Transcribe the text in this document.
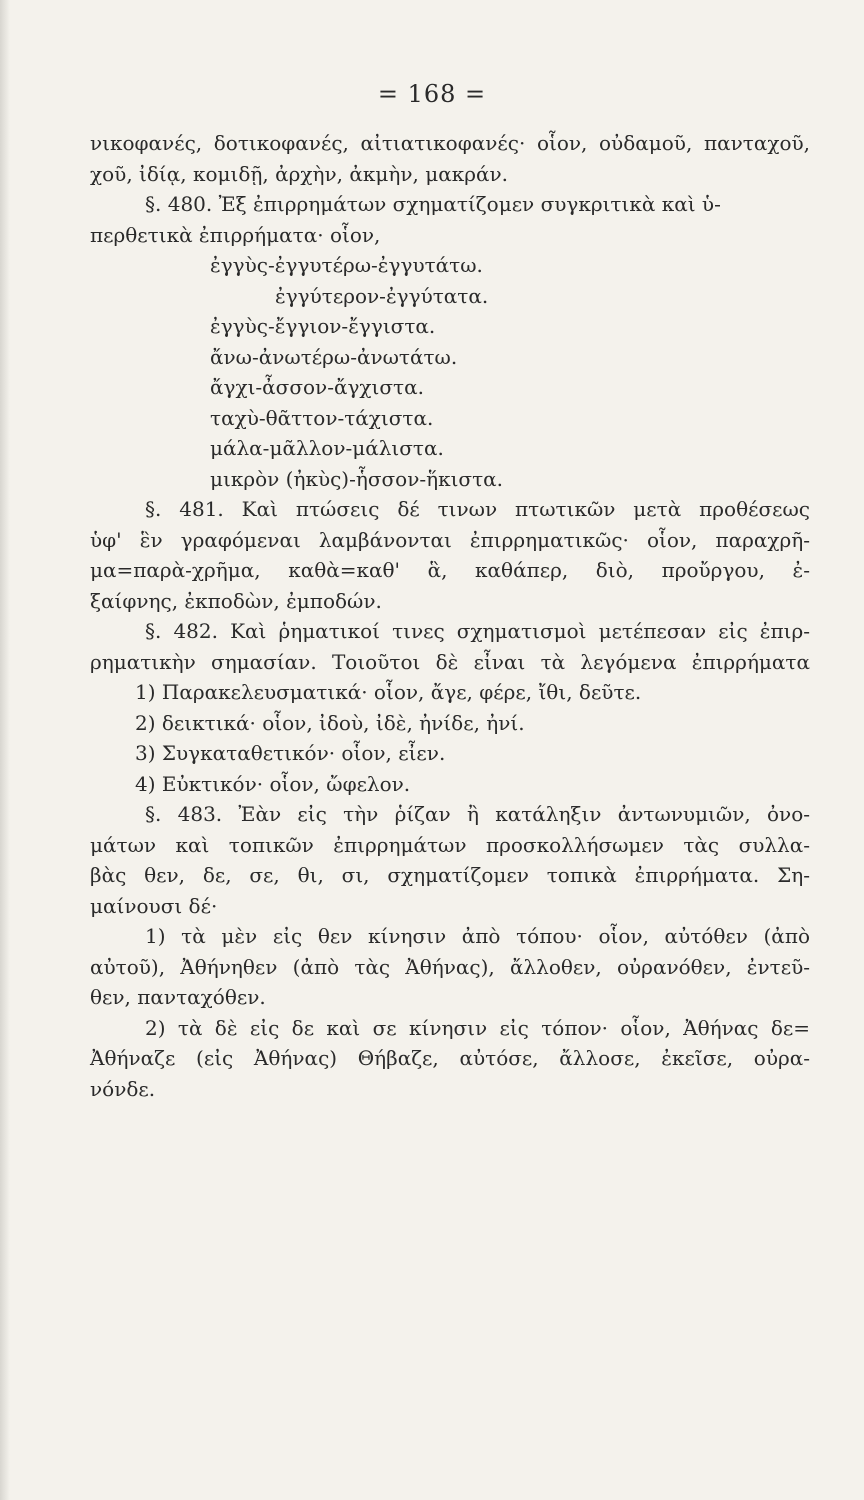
= 168 =
νικοφανές, δοτικοφανές, αἰτιατικοφανές· οἷον, οὐδαμοῦ, πανταχοῦ,
χοῦ, ἰδίᾳ, κομιδῇ, ἀρχὴν, ἀκμὴν, μακράν.
§. 480. Ἐξ ἐπιρρημάτων σχηματίζομεν συγκριτικὰ καὶ ὑ-
περθετικὰ ἐπιρρήματα· οἷον,
ἐγγὺς-ἐγγυτέρω-ἐγγυτάτω.
ἐγγύτερον-ἐγγύτατα.
ἐγγὺς-ἔγγιον-ἔγγιστα.
ἄνω-ἀνωτέρω-ἀνωτάτω.
ἄγχι-ἆσσον-ἄγχιστα.
ταχὺ-θᾶττον-τάχιστα.
μάλα-μᾶλλον-μάλιστα.
μικρὸν (ἠκὺς)-ἧσσον-ἥκιστα.
§. 481. Καὶ πτώσεις δέ τινων πτωτικῶν μετὰ προθέσεως
ὑφ' ἓν γραφόμεναι λαμβάνονται ἐπιρρηματικῶς· οἷον, παραχρῆ-
μα=παρὰ-χρῆμα, καθὰ=καθ' ἃ, καθάπερ, διὸ, προὔργου, ἐ-
ξαίφνης, ἐκποδὼν, ἐμποδών.
§. 482. Καὶ ῥηματικοί τινες σχηματισμοὶ μετέπεσαν εἰς ἐπιρ-
ρηματικὴν σημασίαν. Τοιοῦτοι δὲ εἶναι τὰ λεγόμενα ἐπιρρήματα
1) Παρακελευσματικά· οἷον, ἄγε, φέρε, ἴθι, δεῦτε.
2) δεικτικά· οἷον, ἰδοὺ, ἰδὲ, ἠνίδε, ἠνί.
3) Συγκαταθετικόν· οἷον, εἶεν.
4) Εὐκτικόν· οἷον, ὤφελον.
§. 483. Ἐὰν εἰς τὴν ῥίζαν ἢ κατάληξιν ἀντωνυμιῶν, ὀνο-
μάτων καὶ τοπικῶν ἐπιρρημάτων προσκολλήσωμεν τὰς συλλα-
βὰς θεν, δε, σε, θι, σι, σχηματίζομεν τοπικὰ ἐπιρρήματα. Ση-
μαίνουσι δέ·
1) τὰ μὲν εἰς θεν κίνησιν ἀπὸ τόπου· οἷον, αὐτόθεν (ἀπὸ
αὐτοῦ), Ἀθήνηθεν (ἀπὸ τὰς Ἀθήνας), ἄλλοθεν, οὐρανόθεν, ἐντεῦ-
θεν, πανταχόθεν.
2) τὰ δὲ εἰς δε καὶ σε κίνησιν εἰς τόπον· οἷον, Ἀθήνας δε=
Ἀθήναζε (εἰς Ἀθήνας) Θήβαζε, αὐτόσε, ἄλλοσε, ἐκεῖσε, οὐρα-
νόνδε.
